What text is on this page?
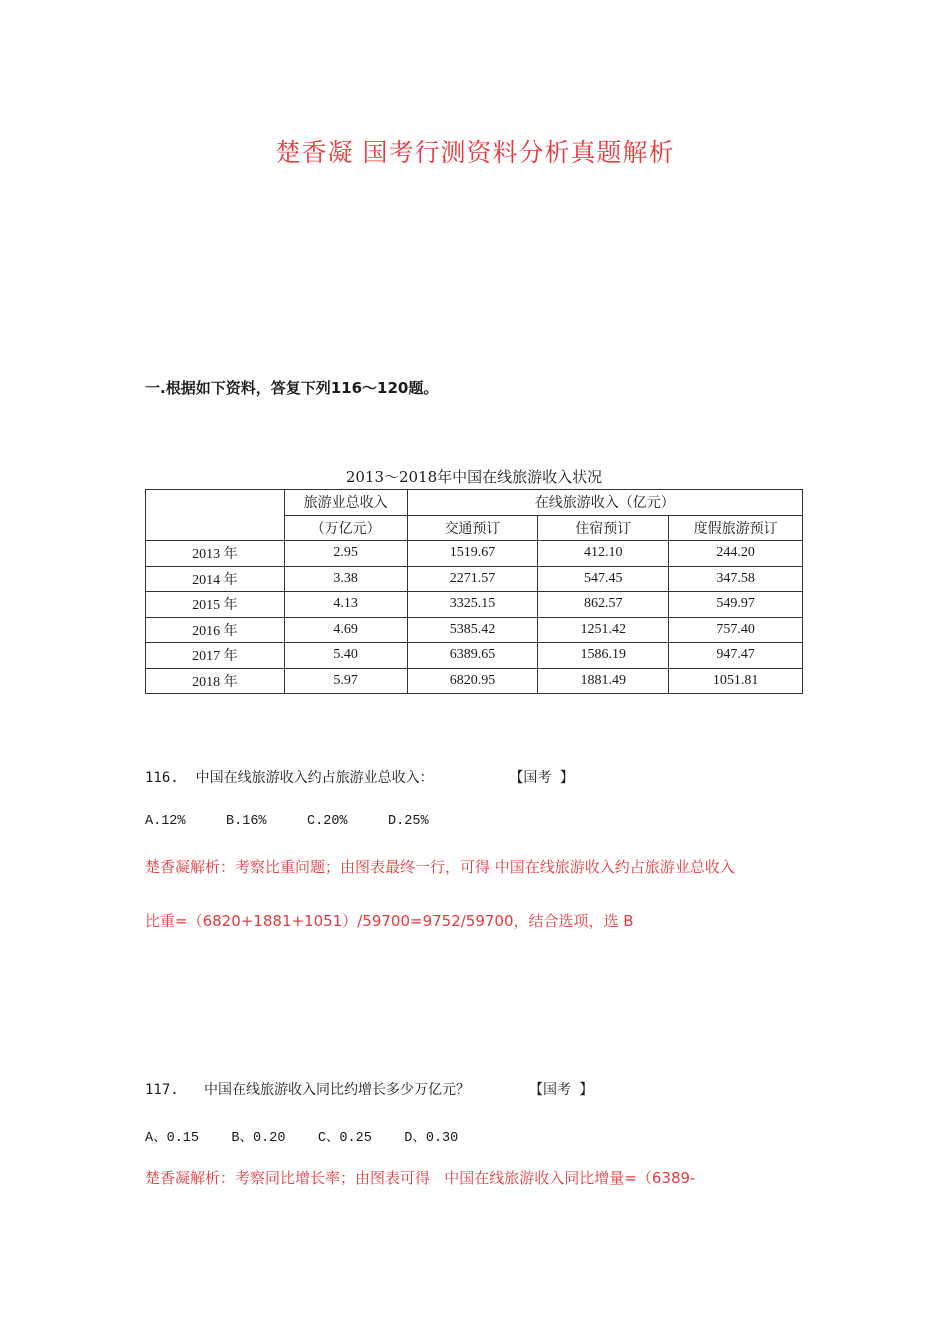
楚香凝 国考行测资料分析真题解析
一.根据如下资料，答复下列116～120题。
2013～2018年中国在线旅游收入状况
	旅游业总收入	在线旅游收入（亿元）		
	（万亿元）	交通预订	住宿预订	度假旅游预订
2013 年	2.95	1519.67	412.10	244.20
2014 年	3.38	2271.57	547.45	347.58
2015 年	4.13	3325.15	862.57	549.97
2016 年	4.69	5385.42	1251.42	757.40
2017 年	5.40	6389.65	1586.19	947.47
2018 年	5.97	6820.95	1881.49	1051.81
116.  中国在线旅游收入约占旅游业总收入：         【国考 】
A.12%     B.16%     C.20%     D.25%
楚香凝解析：考察比重问题；由图表最终一行，可得 中国在线旅游收入约占旅游业总收入
比重=（6820+1881+1051）/59700=9752/59700，结合选项，选 B
117.   中国在线旅游收入同比约增长多少万亿元？       【国考 】
A、0.15    B、0.20    C、0.25    D、0.30
楚香凝解析：考察同比增长率；由图表可得   中国在线旅游收入同比增量=（6389-
